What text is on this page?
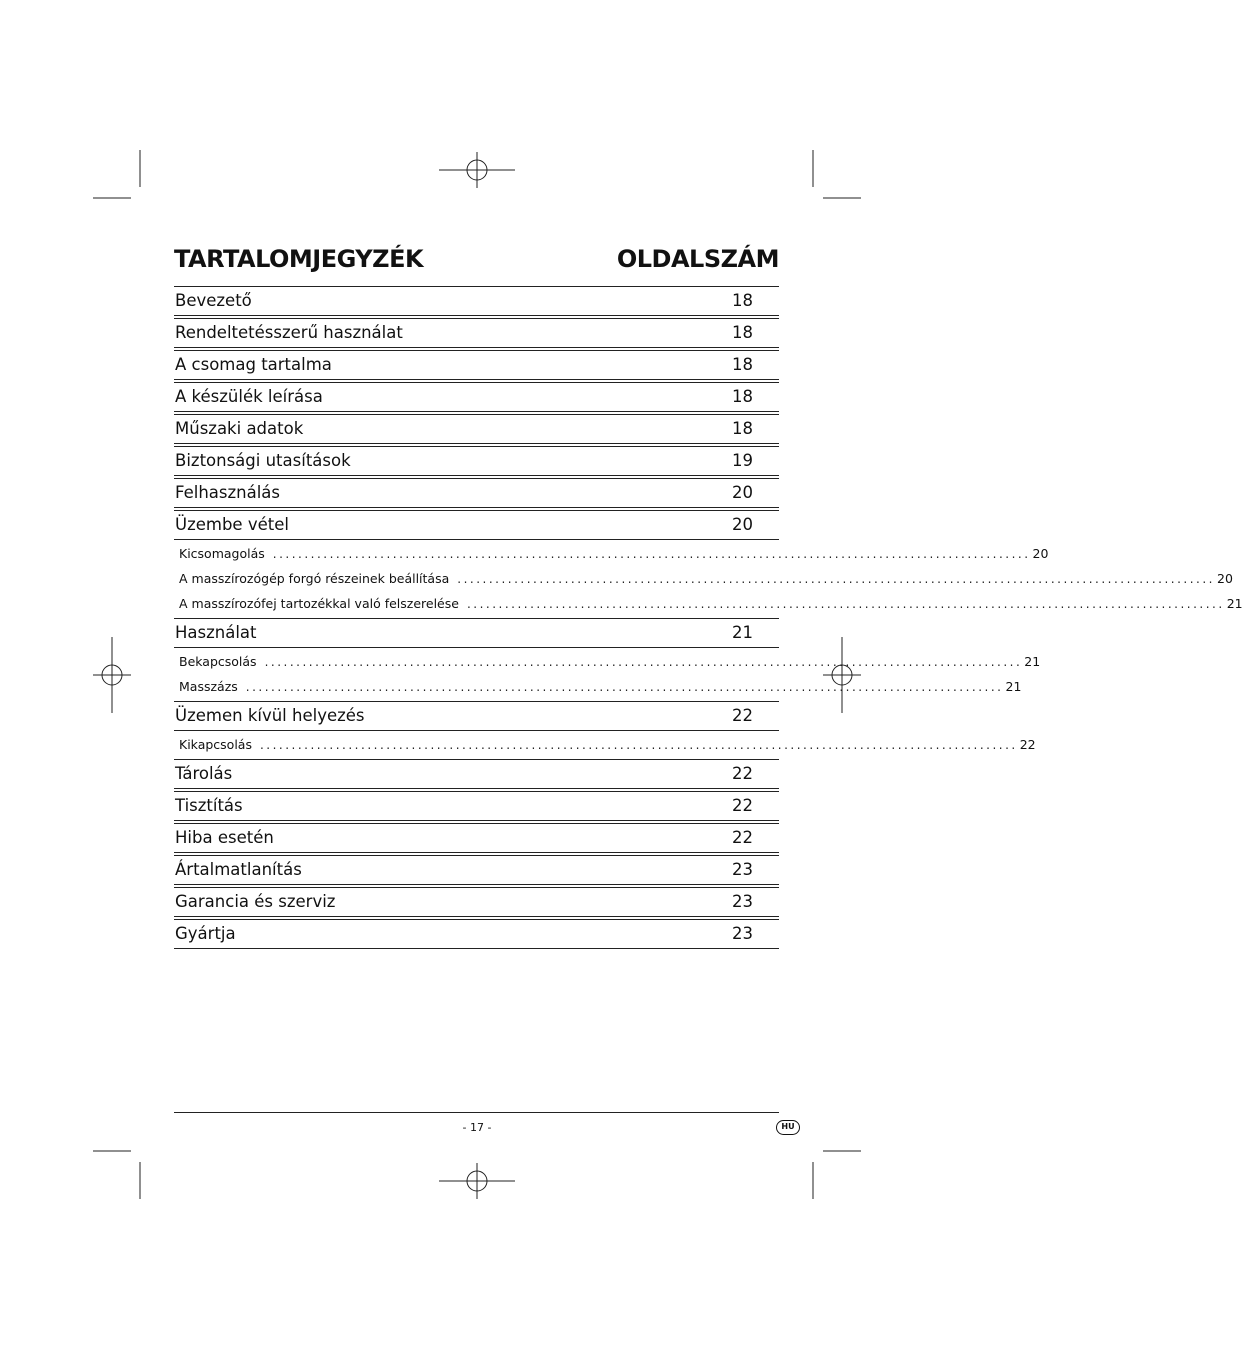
TARTALOMJEGYZÉK	OLDALSZÁM
Bevezető	18
Rendeltetésszerű használat	18
A csomag tartalma	18
A készülék leírása	18
Műszaki adatok	18
Biztonsági utasítások	19
Felhasználás	20
Üzembe vétel	20
Kicsomagolás ........................................................................................................................ 20
A masszírozógép forgó részeinek beállítása ........................................................................................................................ 20
A masszírozófej tartozékkal való felszerelése ........................................................................................................................ 21
Használat	21
Bekapcsolás ........................................................................................................................ 21
Masszázs ........................................................................................................................ 21
Üzemen kívül helyezés	22
Kikapcsolás ........................................................................................................................ 22
Tárolás	22
Tisztítás	22
Hiba esetén	22
Ártalmatlanítás	23
Garancia és szerviz	23
Gyártja	23
- 17 -	HU
